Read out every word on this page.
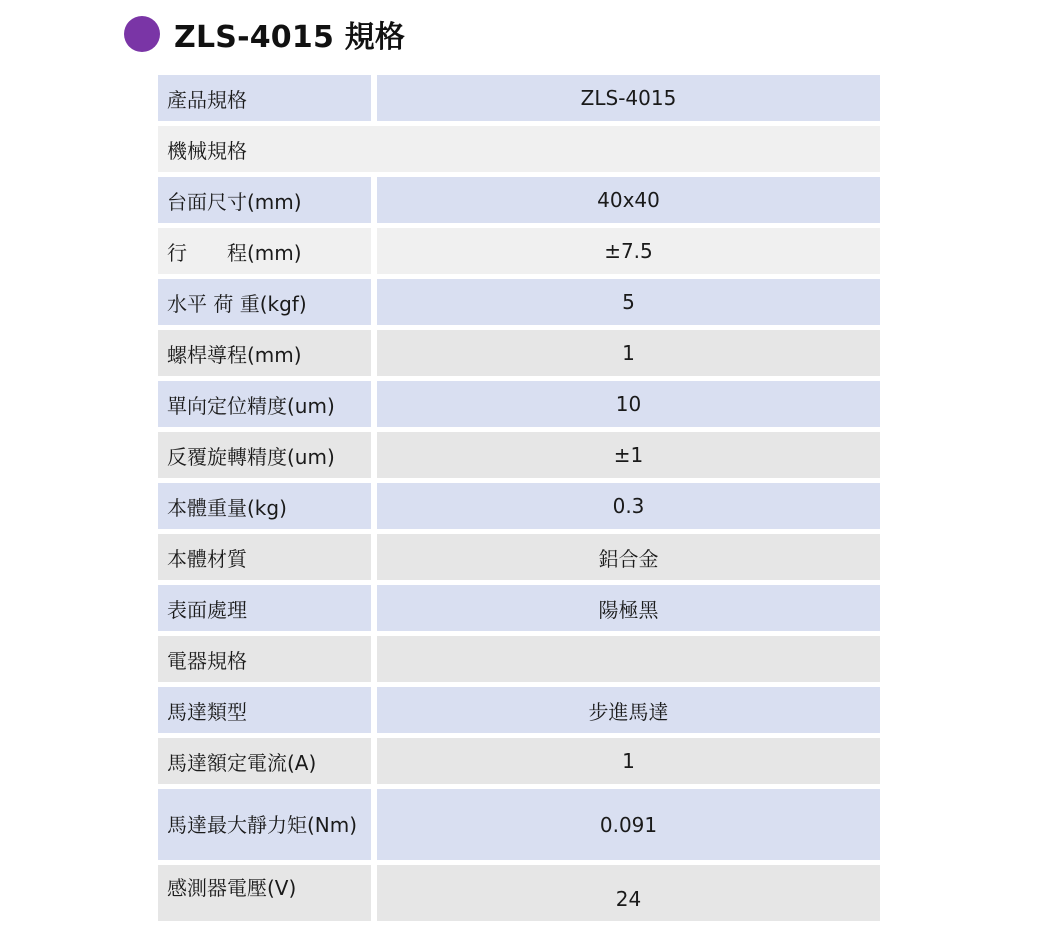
ZLS-4015 規格
產品規格	ZLS-4015
機械規格	
台面尺寸(mm)	40x40
行　　程(mm)	±7.5
水平 荷 重(kgf)	5
螺桿導程(mm)	1
單向定位精度(um)	10
反覆旋轉精度(um)	±1
本體重量(kg)	0.3
本體材質	鋁合金
表面處理	陽極黑
電器規格	
馬達類型	步進馬達
馬達額定電流(A)	1
馬達最大靜力矩(Nm)	0.091
感測器電壓(V)	24
